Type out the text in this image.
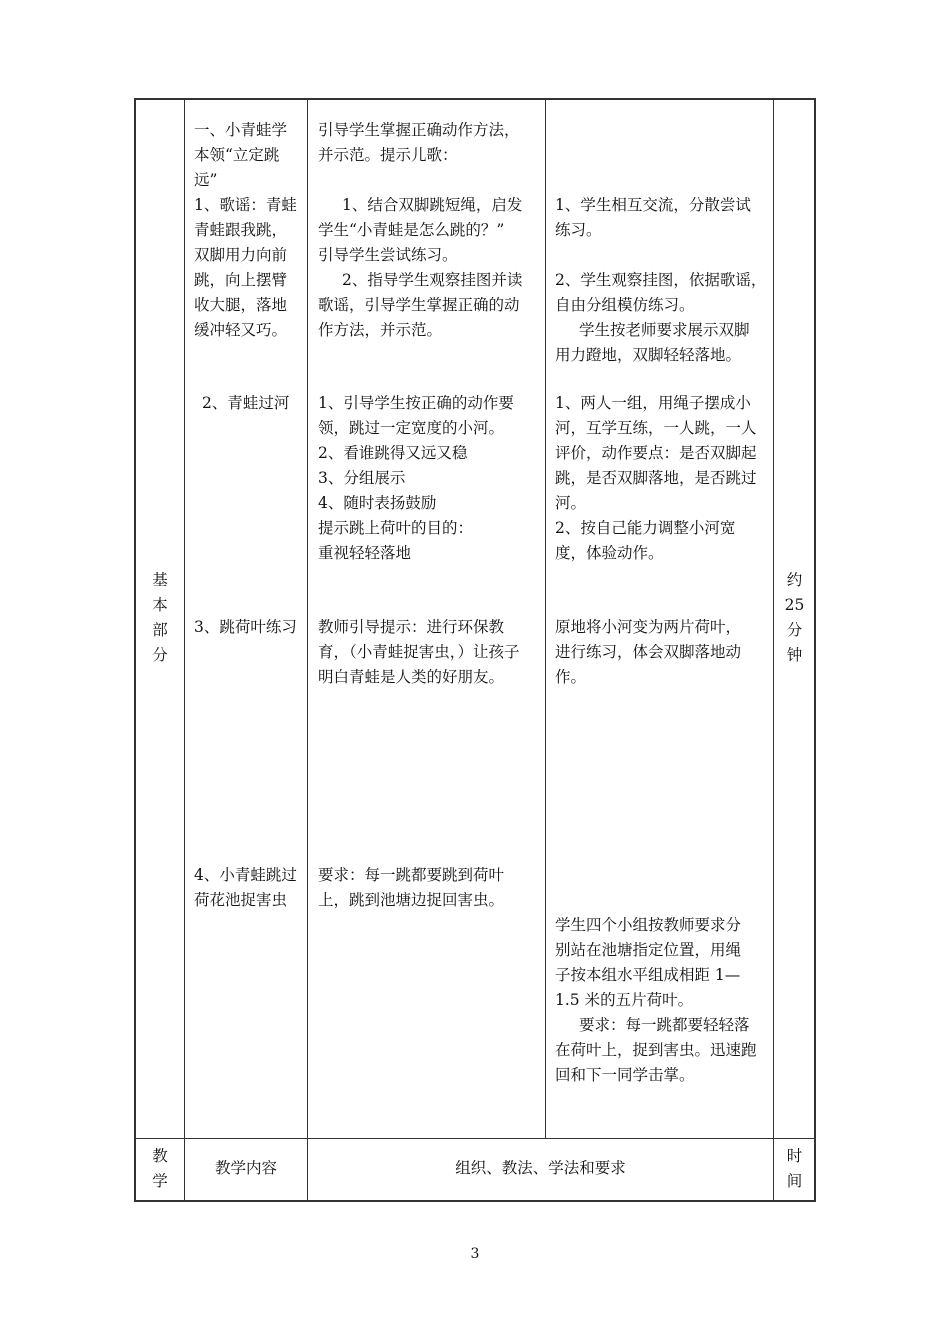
基

本

部

分

约

25

分

钟

一、小青蛙学

本领“立定跳

远”

1、歌谣：青蛙

青蛙跟我跳，

双脚用力向前

跳，向上摆臂

收大腿，落地

缓冲轻又巧。

引导学生掌握正确动作方法，

并示范。提示儿歌：

1、结合双脚跳短绳，启发

学生“小青蛙是怎么跳的？”

引导学生尝试练习。

2、指导学生观察挂图并读

歌谣，引导学生掌握正确的动

作方法，并示范。

1、学生相互交流，分散尝试

练习。

2、学生观察挂图，依据歌谣，

自由分组模仿练习。

学生按老师要求展示双脚

用力蹬地，双脚轻轻落地。

2、青蛙过河 1、引导学生按正确的动作要

领，跳过一定宽度的小河。

2、看谁跳得又远又稳

3、分组展示

4、随时表扬鼓励

提示跳上荷叶的目的：

重视轻轻落地

1、两人一组，用绳子摆成小

河，互学互练，一人跳，一人

评价，动作要点：是否双脚起

跳，是否双脚落地，是否跳过

河。

2、按自己能力调整小河宽

度，体验动作。

3、跳荷叶练习 教师引导提示：进行环保教

育，（小青蛙捉害虫，）让孩子

明白青蛙是人类的好朋友。

原地将小河变为两片荷叶，

进行练习，体会双脚落地动

作。

4、小青蛙跳过

荷花池捉害虫

要求：每一跳都要跳到荷叶

上，跳到池塘边捉回害虫。

学生四个小组按教师要求分

别站在池塘指定位置，用绳

子按本组水平组成相距 1—

1.5 米的五片荷叶。

要求：每一跳都要轻轻落

在荷叶上，捉到害虫。迅速跑

回和下一同学击掌。

教

学

教学内容	组织、教法、学法和要求

时

间

3
